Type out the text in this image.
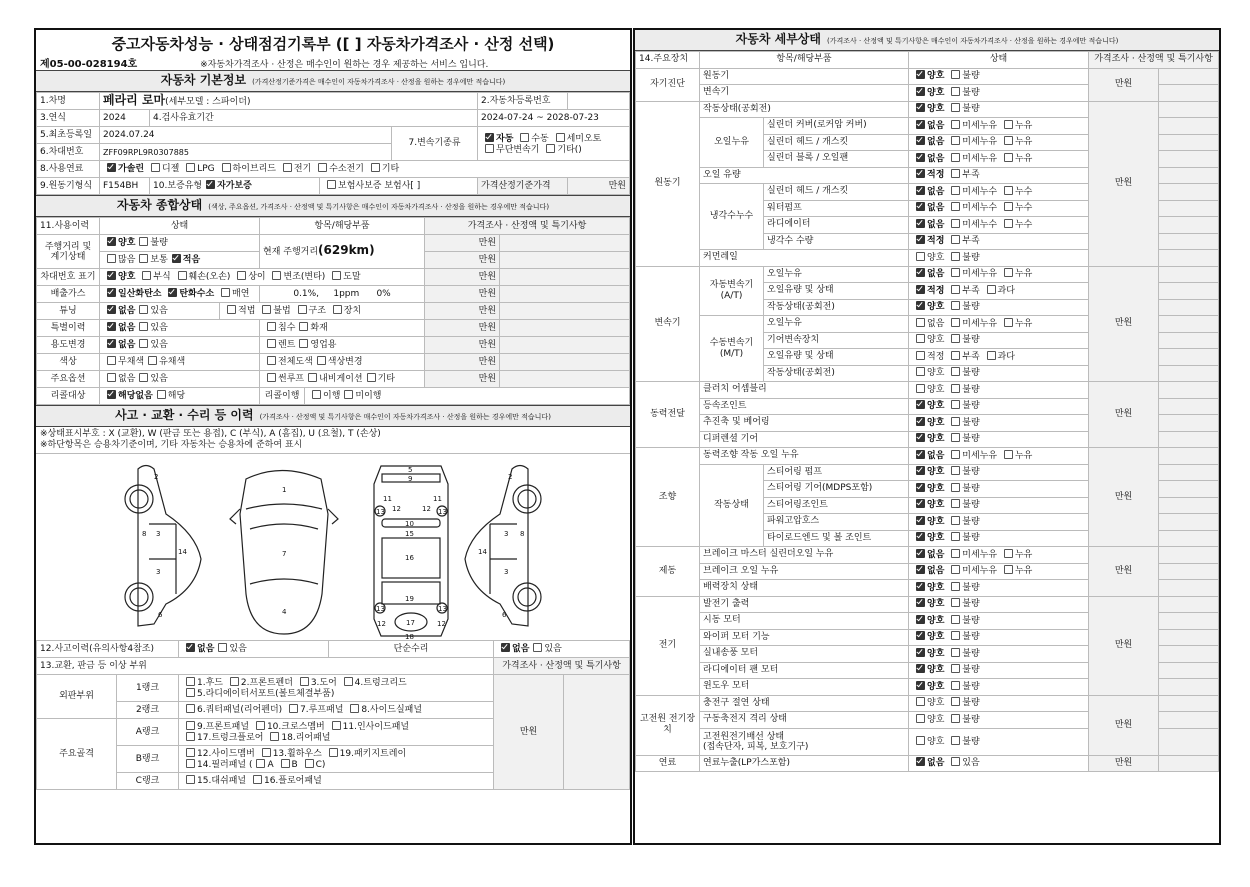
중고자동차성능 · 상태점검기록부 ([ ] 자동차가격조사 · 산정 선택)
제05-00-028194호	※자동차가격조사 · 산정은 매수인이 원하는 경우 제공하는 서비스 입니다.
자동차 기본정보 (가격산정기준가격은 매수인이 자동차가격조사 · 산정을 원하는 경우에만 적습니다)
1.차명	페라리 로마(세부모델 : 스파이더)				2.자동차등록번호	
3.연식	2024	4.검사유효기간			2024-07-24 ~ 2028-07-23	
5.최초등록일	2024.07.24			7.변속기종류	자동 수동 세미오토
무단변속기 기타()	
6.차대번호	ZFF09RPL9R0307885					
8.사용연료	가솔린 디젤 LPG 하이브리드 전기 수소전기 기타					
9.원동기형식	F154BH	10.보증유형 자가보증	보험사보증 보험사[ ]		가격산정기준가격	만원
자동차 종합상태 (색상, 주요옵션, 가격조사 · 산정액 및 특기사항은 매수인이 자동차가격조사 · 산정을 원하는 경우에만 적습니다)
11.사용이력	상태		항목/해당부품		가격조사 · 산정액 및 특기사항	
주행거리 및 계기상태	양호 불량		현재 주행거리(629km)		만원	
	많음 보통 적음				만원	
차대번호 표기	양호 부식 훼손(오손) 상이 변조(변타) 도말				만원	
배출가스	일산화탄소 탄화수소 매연		0.1%, 1ppm 0%		만원	
튜닝	없음 있음	적법 불법 구조 장치			만원	
특별이력	없음 있음		침수 화재		만원	
용도변경	없음 있음		렌트 영업용		만원	
색상	무채색 유채색		전체도색 색상변경		만원	
주요옵션	없음 있음		썬루프 내비게이션 기타		만원	
리콜대상	해당없음 해당		리콜이행	이행 미이행		
사고 · 교환 · 수리 등 이력 (가격조사 · 산정액 및 특기사항은 매수인이 자동차가격조사 · 산정을 원하는 경우에만 적습니다)
※상태표시부호 : X (교환), W (판금 또는 용접), C (부식), A (흠집), U (요철), T (손상)
※하단항목은 승용차기준이며, 기타 자동차는 승용차에 준하여 표시
2
3
3
8
14
6
1
7
4
5
9
11	11
12	12
13	13
10
15
16
19
13	13
12	12
17
18
2
3
3
8
14
6
12.사고이력(유의사항4참조)		없음 있음	단순수리	없음 있음	
13.교환, 판금 등 이상 부위				가격조사 · 산정액 및 특기사항	
외판부위	1랭크	1.후드 2.프론트펜더 3.도어 4.트렁크리드
5.라디에이터서포트(볼트체결부품)		만원	
	2랭크	6.쿼터패널(리어펜더) 7.루프패널 8.사이드실패널			
주요골격	A랭크	9.프론트패널 10.크로스멤버 11.인사이드패널
17.트렁크플로어 18.리어패널			
	B랭크	12.사이드멤버 13.휠하우스 19.패키지트레이
14.필러패널 ( A B C)			
	C랭크	15.대쉬패널 16.플로어패널			
자동차 세부상태 (가격조사 · 산정액 및 특기사항은 매수인이 자동차가격조사 · 산정을 원하는 경우에만 적습니다)
14.주요장치	항목/해당부품		상태	가격조사 · 산정액 및 특기사항	
자기진단	원동기		양호 불량	만원	
	변속기		양호 불량		
원동기	작동상태(공회전)		양호 불량	만원	
	오일누유	실린더 커버(로커암 커버)	없음 미세누유 누유		
		실린더 헤드 / 개스킷	없음 미세누유 누유		
		실린더 블록 / 오일팬	없음 미세누유 누유		
	오일 유량		적정 부족		
	냉각수누수	실린더 헤드 / 개스킷	없음 미세누수 누수		
		워터펌프	없음 미세누수 누수		
		라디에이터	없음 미세누수 누수		
		냉각수 수량	적정 부족		
	커먼레일		양호 불량		
변속기	자동변속기 (A/T)	오일누유	없음 미세누유 누유	만원	
		오일유량 및 상태	적정 부족 과다		
		작동상태(공회전)	양호 불량		
	수동변속기 (M/T)	오일누유	없음 미세누유 누유		
		기어변속장치	양호 불량		
		오일유량 및 상태	적정 부족 과다		
		작동상태(공회전)	양호 불량		
동력전달	클러치 어셈블리		양호 불량	만원	
	등속조인트		양호 불량		
	추진축 및 베어링		양호 불량		
	디퍼렌셜 기어		양호 불량		
조향	동력조향 작동 오일 누유		없음 미세누유 누유	만원	
	작동상태	스티어링 펌프	양호 불량		
		스티어링 기어(MDPS포함)	양호 불량		
		스티어링조인트	양호 불량		
		파워고압호스	양호 불량		
		타이로드엔드 및 볼 조인트	양호 불량		
제동	브레이크 마스터 실린더오일 누유		없음 미세누유 누유	만원	
	브레이크 오일 누유		없음 미세누유 누유		
	배력장치 상태		양호 불량		
전기	발전기 출력		양호 불량	만원	
	시동 모터		양호 불량		
	와이퍼 모터 기능		양호 불량		
	실내송풍 모터		양호 불량		
	라디에이터 팬 모터		양호 불량		
	윈도우 모터		양호 불량		
고전원 전기장치	충전구 절연 상태		양호 불량	만원	
	구동축전지 격리 상태		양호 불량		

	고전원전기배선 상태
(접속단자, 피복, 보호기구)		양호 불량		
연료	연료누출(LP가스포함)		없음 있음	만원	
